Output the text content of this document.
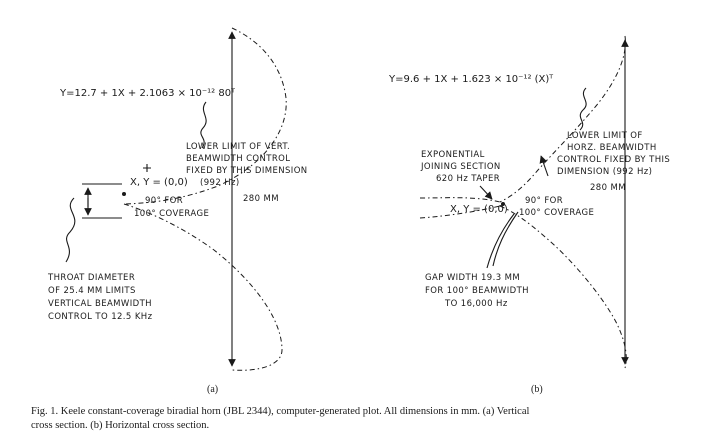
280 MM
Y=12.7 + 1X + 2.1063 × 10⁻¹² 80ᵀ
LOWER LIMIT OF VERT.
BEAMWIDTH CONTROL
FIXED BY THIS DIMENSION
(992 Hz)
X, Y = (0,0)
90° FOR
100° COVERAGE
THROAT DIAMETER
OF 25.4 MM LIMITS
VERTICAL BEAMWIDTH
CONTROL TO 12.5 KHz
(a)
280 MM
Y=9.6 + 1X + 1.623 × 10⁻¹² (X)ᵀ
LOWER LIMIT OF
HORZ. BEAMWIDTH
CONTROL FIXED BY THIS
DIMENSION (992 Hz)
EXPONENTIAL
JOINING SECTION
620 Hz TAPER
X, Y = (0,0)
90° FOR
100° COVERAGE
GAP WIDTH 19.3 MM
FOR 100° BEAMWIDTH
TO 16,000 Hz
(b)
Fig. 1. Keele constant-coverage biradial horn (JBL 2344), computer-generated plot. All dimensions in mm. (a) Vertical
cross section. (b) Horizontal cross section.
